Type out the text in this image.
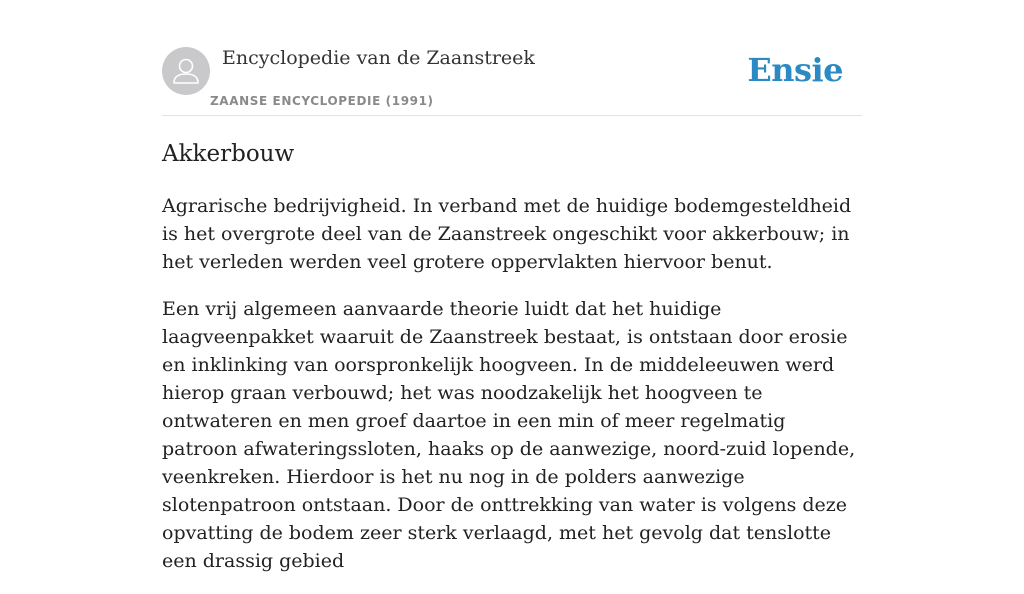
Encyclopedie van de Zaanstreek
ZAANSE ENCYCLOPEDIE (1991)
Ensie
Akkerbouw

Agrarische bedrijvigheid. In verband met de huidige bodemgesteldheid is het overgrote deel van de Zaanstreek ongeschikt voor akkerbouw; in het verleden werden veel grotere oppervlakten hiervoor benut.

Een vrij algemeen aanvaarde theorie luidt dat het huidige laagveenpakket waaruit de Zaanstreek bestaat, is ontstaan door erosie en inklinking van oorspronkelijk hoogveen. In de middeleeuwen werd hierop graan verbouwd; het was noodzakelijk het hoogveen te ontwateren en men groef daartoe in een min of meer regelmatig patroon afwateringssloten, haaks op de aanwezige, noord-zuid lopende, veenkreken. Hierdoor is het nu nog in de polders aanwezige slotenpatroon ontstaan. Door de onttrekking van water is volgens deze opvatting de bodem zeer sterk verlaagd, met het gevolg dat tenslotte een drassig gebied
